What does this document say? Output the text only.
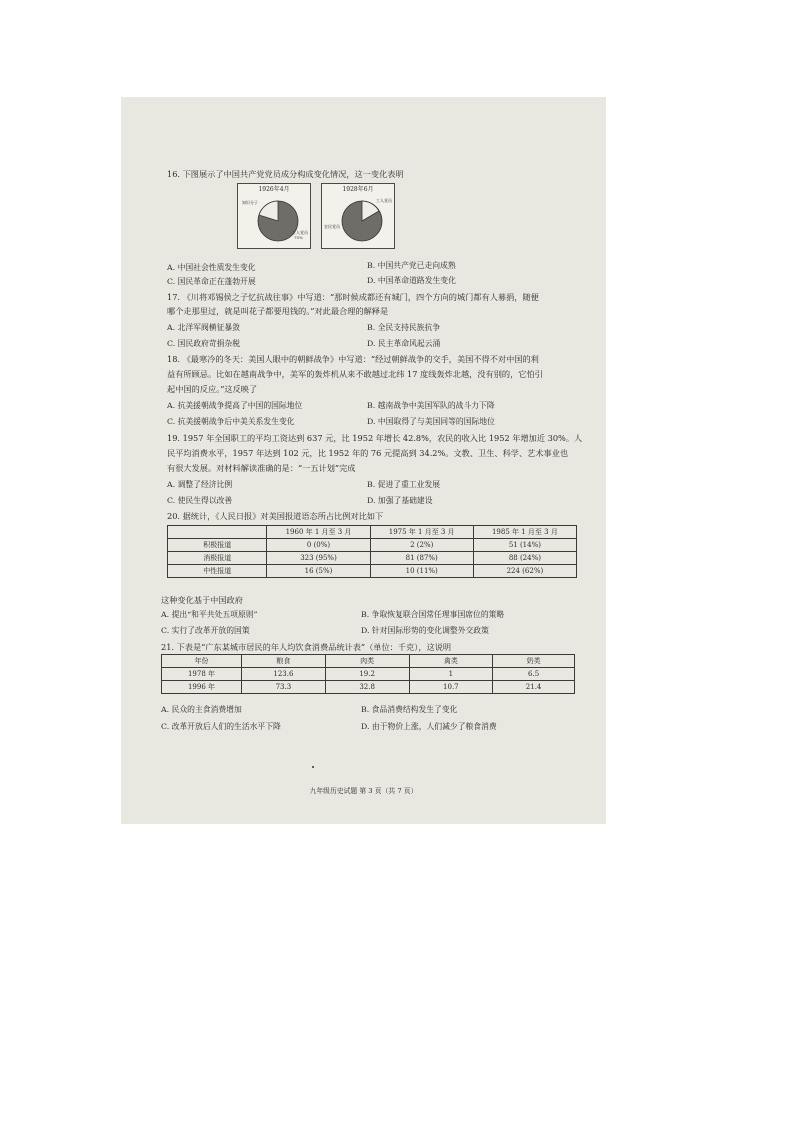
16. 下图展示了中国共产党党员成分构成变化情况，这一变化表明
1926年4月
知识分子
工人党员
75%
1928年6月
工人党员
农民党员
A. 中国社会性质发生变化	B. 中国共产党已走向成熟
C. 国民革命正在蓬勃开展	D. 中国革命道路发生变化
17. 《川将邓锡侯之子忆抗战往事》中写道：“那时候成都还有城门，四个方向的城门都有人募捐，随便
哪个走那里过，就是叫花子都要甩钱的。”对此最合理的解释是
A. 北洋军阀横征暴敛	B. 全民支持民族抗争
C. 国民政府苛捐杂税	D. 民主革命风起云涌
18. 《最寒冷的冬天：美国人眼中的朝鲜战争》中写道：“经过朝鲜战争的交手，美国不得不对中国的利
益有所顾忌。比如在越南战争中，美军的轰炸机从来不敢越过北纬 17 度线轰炸北越，没有别的，它怕引
起中国的反应。”这反映了
A. 抗美援朝战争提高了中国的国际地位	B. 越南战争中美国军队的战斗力下降
C. 抗美援朝战争后中美关系发生变化	D. 中国取得了与美国同等的国际地位
19. 1957 年全国职工的平均工资达到 637 元，比 1952 年增长 42.8%，农民的收入比 1952 年增加近 30%。人
民平均消费水平，1957 年达到 102 元，比 1952 年的 76 元提高到 34.2%。文教、卫生、科学、艺术事业也
有很大发展。对材料解读准确的是：“一五计划”完成
A. 调整了经济比例	B. 促进了重工业发展
C. 使民生得以改善	D. 加强了基础建设
20. 据统计，《人民日报》对美国报道语态所占比例对比如下
	1960 年 1 月至 3 月	1975 年 1 月至 3 月	1985 年 1 月至 3 月
积极报道	0 (0%)	2 (2%)	51 (14%)
消极报道	323 (95%)	81 (87%)	88 (24%)
中性报道	16 (5%)	10 (11%)	224 (62%)
这种变化基于中国政府
A. 提出“和平共处五项原则”	B. 争取恢复联合国常任理事国席位的策略
C. 实行了改革开放的国策	D. 针对国际形势的变化调整外交政策
21. 下表是“广东某城市居民的年人均饮食消费品统计表”（单位：千克），这说明
年份	粮食	肉类	禽类	奶类
1978 年	123.6	19.2	1	6.5
1996 年	73.3	32.8	10.7	21.4
A. 民众的主食消费增加	B. 食品消费结构发生了变化
C. 改革开放后人们的生活水平下降	D. 由于物价上涨，人们减少了粮食消费
九年级历史试题 第 3 页（共 7 页）
